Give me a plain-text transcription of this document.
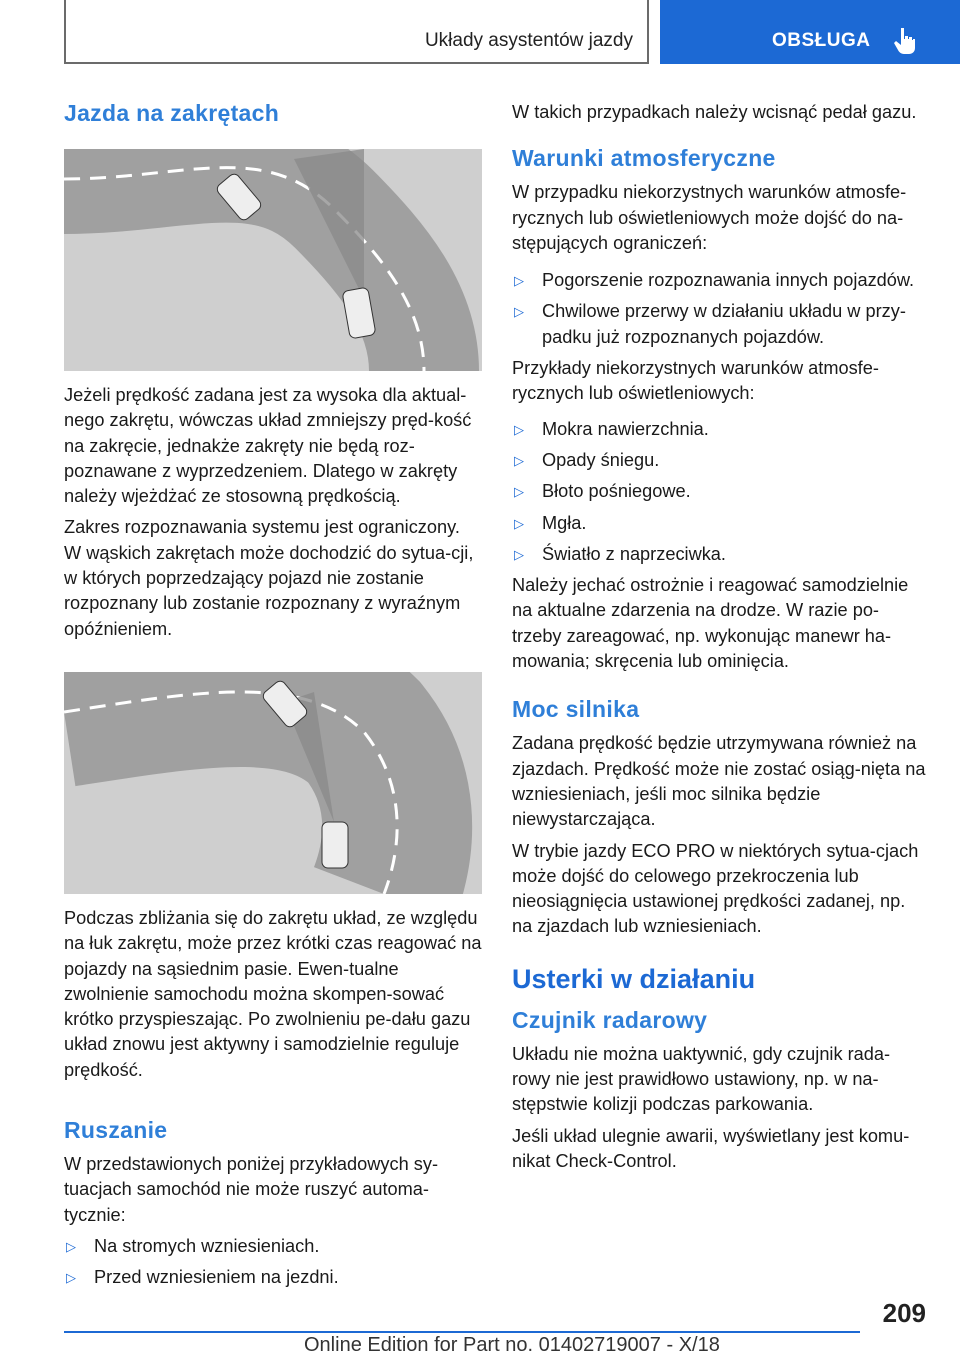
Układy asystentów jazdy	OBSŁUGA
Jazda na zakrętach

Jeżeli prędkość zadana jest za wysoka dla aktual-nego zakrętu, wówczas układ zmniejszy pręd-kość na zakręcie, jednakże zakręty nie będą roz-poznawane z wyprzedzeniem. Dlatego w zakręty należy wjeżdżać ze stosowną prędkością.

Zakres rozpoznawania systemu jest ograniczony. W wąskich zakrętach może dochodzić do sytua-cji, w których poprzedzający pojazd nie zostanie rozpoznany lub zostanie rozpoznany z wyraźnym opóźnieniem.

Podczas zbliżania się do zakrętu układ, ze względu na łuk zakrętu, może przez krótki czas reagować na pojazdy na sąsiednim pasie. Ewen-tualne zwolnienie samochodu można skompen-sować krótko przyspieszając. Po zwolnieniu pe-dału gazu układ znowu jest aktywny i samodzielnie reguluje prędkość.

Ruszanie

W przedstawionych poniżej przykładowych sy-tuacjach samochód nie może ruszyć automa-tycznie:

▷ Na stromych wzniesieniach.
▷ Przed wzniesieniem na jezdni.

W takich przypadkach należy wcisnąć pedał gazu.

Warunki atmosferyczne

W przypadku niekorzystnych warunków atmosfe-rycznych lub oświetleniowych może dojść do na-stępujących ograniczeń:

▷ Pogorszenie rozpoznawania innych pojazdów.
▷ Chwilowe przerwy w działaniu układu w przy-padku już rozpoznanych pojazdów.

Przykłady niekorzystnych warunków atmosfe-rycznych lub oświetleniowych:

▷ Mokra nawierzchnia.
▷ Opady śniegu.
▷ Błoto pośniegowe.
▷ Mgła.
▷ Światło z naprzeciwka.

Należy jechać ostrożnie i reagować samodzielnie na aktualne zdarzenia na drodze. W razie po-trzeby zareagować, np. wykonując manewr ha-mowania; skręcenia lub ominięcia.

Moc silnika

Zadana prędkość będzie utrzymywana również na zjazdach. Prędkość może nie zostać osiąg-nięta na wzniesieniach, jeśli moc silnika będzie niewystarczająca.

W trybie jazdy ECO PRO w niektórych sytua-cjach może dojść do celowego przekroczenia lub nieosiągnięcia ustawionej prędkości zadanej, np. na zjazdach lub wzniesieniach.

Usterki w działaniu
Czujnik radarowy

Układu nie można uaktywnić, gdy czujnik rada-rowy nie jest prawidłowo ustawiony, np. w na-stępstwie kolizji podczas parkowania.

Jeśli układ ulegnie awarii, wyświetlany jest komu-nikat Check-Control.

209
Online Edition for Part no. 01402719007 - X/18
